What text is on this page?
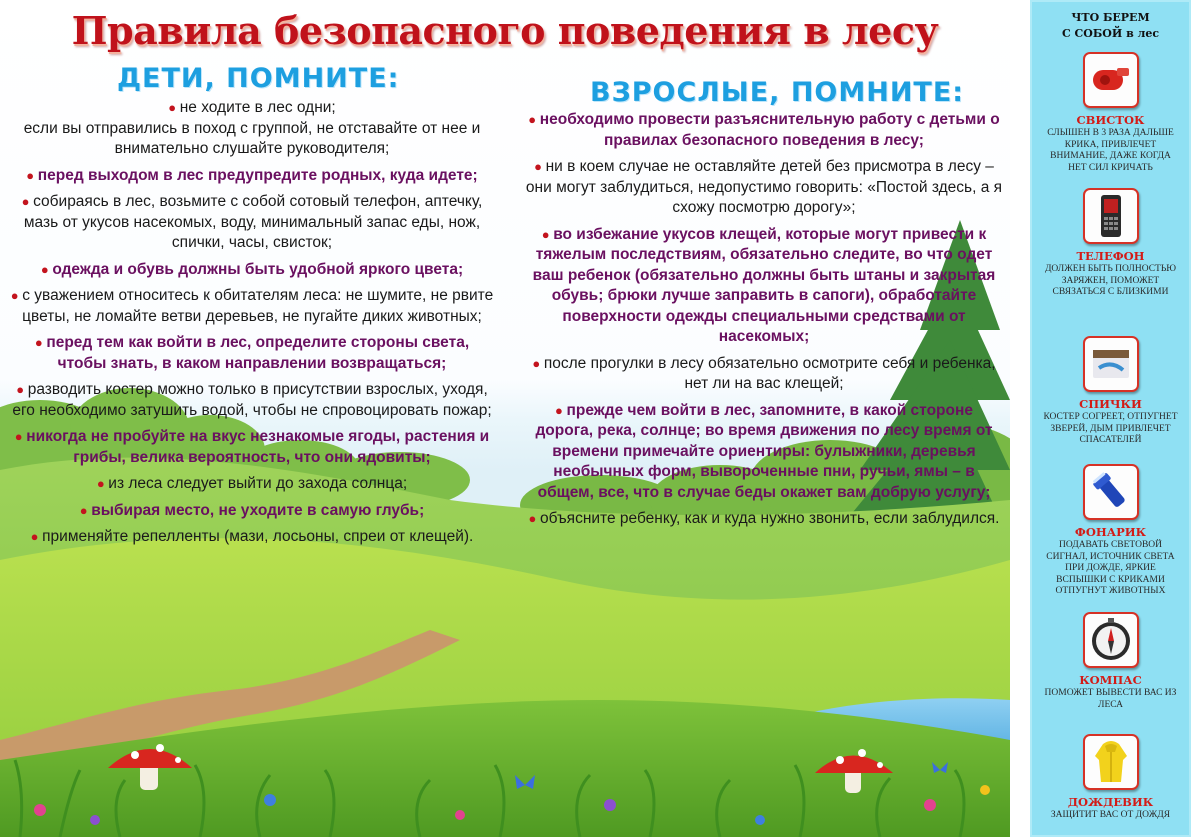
Правила безопасного поведения в лесу
ДЕТИ, ПОМНИТЕ:	ВЗРОСЛЫЕ, ПОМНИТЕ:

● не ходите в лес одни;
если вы отправились в поход с группой, не отставайте от нее и внимательно слушайте руководителя;

● перед выходом в лес предупредите родных, куда идете;

● собираясь в лес, возьмите с собой сотовый телефон, аптечку, мазь от укусов насекомых, воду, минимальный запас еды, нож, спички, часы, свисток;

● одежда и обувь должны быть удобной яркого цвета;

● с уважением относитесь к обитателям леса: не шумите, не рвите цветы, не ломайте ветви деревьев, не пугайте диких животных;

● перед тем как войти в лес, определите стороны света, чтобы знать, в каком направлении возвращаться;

● разводить костер можно только в присутствии взрослых, уходя, его необходимо затушить водой, чтобы не спровоцировать пожар;

● никогда не пробуйте на вкус незнакомые ягоды, растения и грибы, велика вероятность, что они ядовиты;

● из леса следует выйти до захода солнца;

● выбирая место, не уходите в самую глубь;

● применяйте репелленты (мази, лосьоны, спреи от клещей).

● необходимо провести разъяснительную работу с детьми о правилах безопасного поведения в лесу;

● ни в коем случае не оставляйте детей без присмотра в лесу – они могут заблудиться, недопустимо говорить: «Постой здесь, а я схожу посмотрю дорогу»;

● во избежание укусов клещей, которые могут привести к тяжелым последствиям, обязательно следите, во что одет ваш ребенок (обязательно должны быть штаны и закрытая обувь; брюки лучше заправить в сапоги), обработайте поверхности одежды специальными средствами от насекомых;

● после прогулки в лесу обязательно осмотрите себя и ребенка, нет ли на вас клещей;

● прежде чем войти в лес, запомните, в какой стороне дорога, река, солнце; во время движения по лесу время от времени примечайте ориентиры: булыжники, деревья необычных форм, вывороченные пни, ручьи, ямы – в общем, все, что в случае беды окажет вам добрую услугу;

● объясните ребенку, как и куда нужно звонить, если заблудился.

ЧТО БЕРЕМ
С СОБОЙ в лес
СВИСТОК
СЛЫШЕН В 3 РАЗА ДАЛЬШЕ КРИКА, ПРИВЛЕЧЕТ ВНИМАНИЕ, ДАЖЕ КОГДА НЕТ СИЛ КРИЧАТЬ
ТЕЛЕФОН
ДОЛЖЕН БЫТЬ ПОЛНОСТЬЮ ЗАРЯЖЕН, ПОМОЖЕТ СВЯЗАТЬСЯ С БЛИЗКИМИ
СПИЧКИ
КОСТЕР СОГРЕЕТ, ОТПУГНЕТ ЗВЕРЕЙ, ДЫМ ПРИВЛЕЧЕТ СПАСАТЕЛЕЙ
ФОНАРИК
ПОДАВАТЬ СВЕТОВОЙ СИГНАЛ, ИСТОЧНИК СВЕТА ПРИ ДОЖДЕ, ЯРКИЕ ВСПЫШКИ С КРИКАМИ ОТПУГНУТ ЖИВОТНЫХ
КОМПАС
ПОМОЖЕТ ВЫВЕСТИ ВАС ИЗ ЛЕСА
ДОЖДЕВИК
ЗАЩИТИТ ВАС ОТ ДОЖДЯ
